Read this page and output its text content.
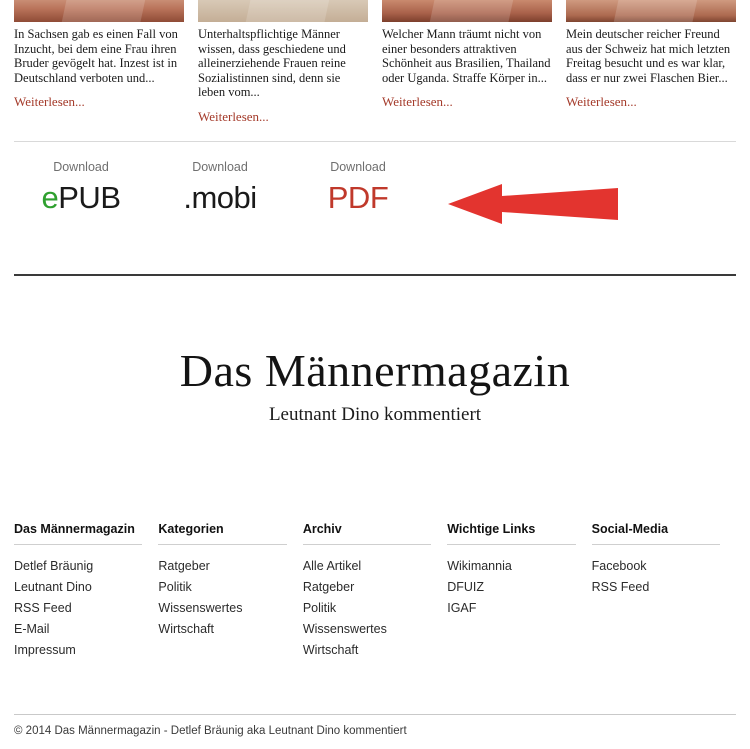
In Sachsen gab es einen Fall von Inzucht, bei dem eine Frau ihren Bruder gevögelt hat. Inzest ist in Deutschland verboten und...
Weiterlesen...
Unterhaltspflichtige Männer wissen, dass geschiedene und alleinerziehende Frauen reine Sozialistinnen sind, denn sie leben vom...
Weiterlesen...
Welcher Mann träumt nicht von einer besonders attraktiven Schönheit aus Brasilien, Thailand oder Uganda. Straffe Körper in...
Weiterlesen...
Mein deutscher reicher Freund aus der Schweiz hat mich letzten Freitag besucht und es war klar, dass er nur zwei Flaschen Bier...
Weiterlesen...
Download
ePUB
Download
.mobi
Download
PDF
Das Männermagazin
Leutnant Dino kommentiert
Das Männermagazin
Detlef Bräunig
Leutnant Dino
RSS Feed
E-Mail
Impressum
Kategorien
Ratgeber
Politik
Wissenswertes
Wirtschaft
Archiv
Alle Artikel
Ratgeber
Politik
Wissenswertes
Wirtschaft
Wichtige Links
Wikimannia
DFUIZ
IGAF
Social-Media
Facebook
RSS Feed
© 2014 Das Männermagazin - Detlef Bräunig aka Leutnant Dino kommentiert
